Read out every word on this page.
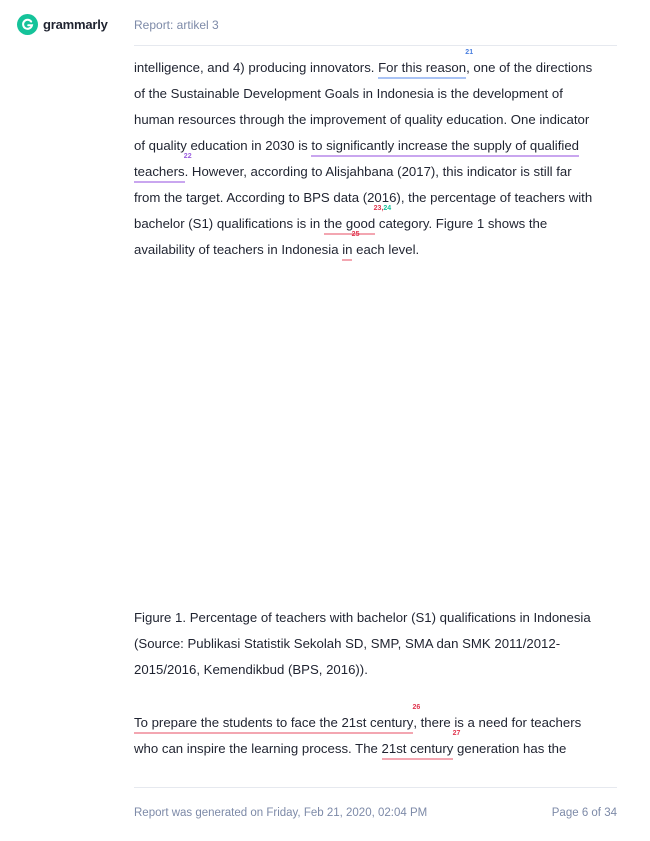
grammarly Report: artikel 3
intelligence, and 4) producing innovators. For this reason
21
, one of the directions
of the Sustainable Development Goals in Indonesia is the development of
human resources through the improvement of quality education. One indicator
of quality education in 2030 is to significantly increase the supply of qualified
teachers
22
. However, according to Alisjahbana (2017), this indicator is still far
from the target. According to BPS data (2016), the percentage of teachers with
bachelor (S1) qualifications is in the good
23,24
category. Figure 1 shows the
availability of teachers in Indonesia in
25
each level.
Figure 1. Percentage of teachers with bachelor (S1) qualifications in Indonesia
(Source: Publikasi Statistik Sekolah SD, SMP, SMA dan SMK 2011/2012-
2015/2016, Kemendikbud (BPS, 2016)).
To prepare the students to face the 21st century
26
, there is a need for teachers
who can inspire the learning process. The 21st century
27
generation has the
Report was generated on Friday, Feb 21, 2020, 02:04 PM	Page 6 of 34
